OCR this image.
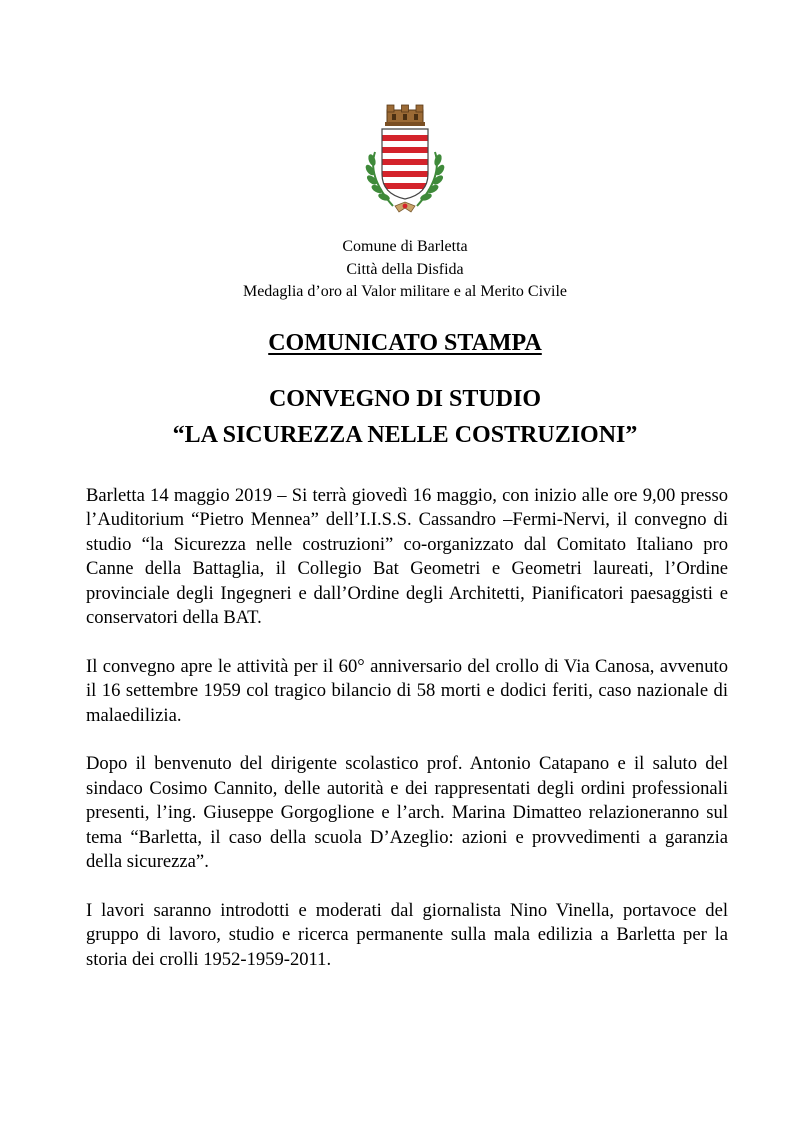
Comune di Barletta
Città della Disfida
Medaglia d’oro al Valor militare e al Merito Civile
COMUNICATO STAMPA
CONVEGNO DI STUDIO
“LA SICUREZZA NELLE COSTRUZIONI”

Barletta 14 maggio 2019 – Si terrà giovedì 16 maggio, con inizio alle ore 9,00 presso l’Auditorium “Pietro Mennea” dell’I.I.S.S. Cassandro –Fermi-Nervi, il convegno di studio “la Sicurezza nelle costruzioni” co-organizzato dal Comitato Italiano pro Canne della Battaglia, il Collegio Bat Geometri e Geometri laureati, l’Ordine provinciale degli Ingegneri e dall’Ordine degli Architetti, Pianificatori paesaggisti e conservatori della BAT.

Il convegno apre le attività per il 60° anniversario del crollo di Via Canosa, avvenuto il 16 settembre 1959 col tragico bilancio di 58 morti e dodici feriti, caso nazionale di malaedilizia.

Dopo il benvenuto del dirigente scolastico prof. Antonio Catapano e il saluto del sindaco Cosimo Cannito, delle autorità e dei rappresentati degli ordini professionali presenti, l’ing. Giuseppe Gorgoglione e l’arch. Marina Dimatteo relazioneranno sul tema “Barletta, il caso della scuola D’Azeglio: azioni e provvedimenti a garanzia della sicurezza”.

I lavori saranno introdotti e moderati dal giornalista Nino Vinella, portavoce del gruppo di lavoro, studio e ricerca permanente sulla mala edilizia a Barletta per la storia dei crolli 1952-1959-2011.
